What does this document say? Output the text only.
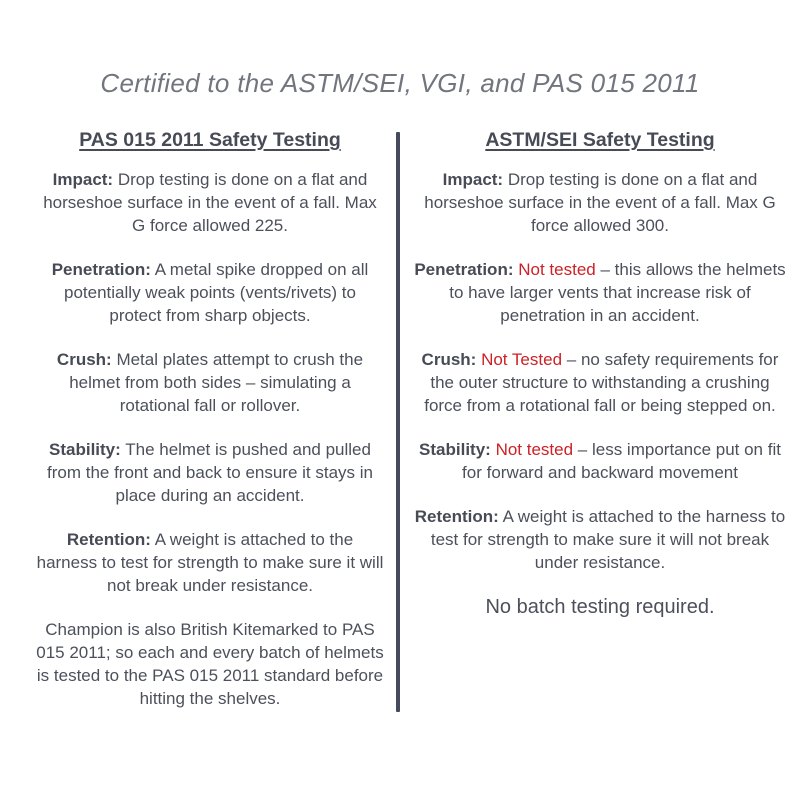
Certified to the ASTM/SEI, VGI, and PAS 015 2011
PAS 015 2011 Safety Testing

Impact: Drop testing is done on a flat and horseshoe surface in the event of a fall. Max G force allowed 225.

Penetration: A metal spike dropped on all potentially weak points (vents/rivets) to protect from sharp objects.

Crush: Metal plates attempt to crush the helmet from both sides – simulating a rotational fall or rollover.

Stability: The helmet is pushed and pulled from the front and back to ensure it stays in place during an accident.

Retention: A weight is attached to the harness to test for strength to make sure it will not break under resistance.

Champion is also British Kitemarked to PAS 015 2011; so each and every batch of helmets is tested to the PAS 015 2011 standard before hitting the shelves.

ASTM/SEI Safety Testing

Impact: Drop testing is done on a flat and horseshoe surface in the event of a fall. Max G force allowed 300.

Penetration: Not tested – this allows the helmets to have larger vents that increase risk of penetration in an accident.

Crush: Not Tested – no safety requirements for the outer structure to withstanding a crushing force from a rotational fall or being stepped on.

Stability: Not tested – less importance put on fit for forward and backward movement

Retention: A weight is attached to the harness to test for strength to make sure it will not break under resistance.

No batch testing required.
